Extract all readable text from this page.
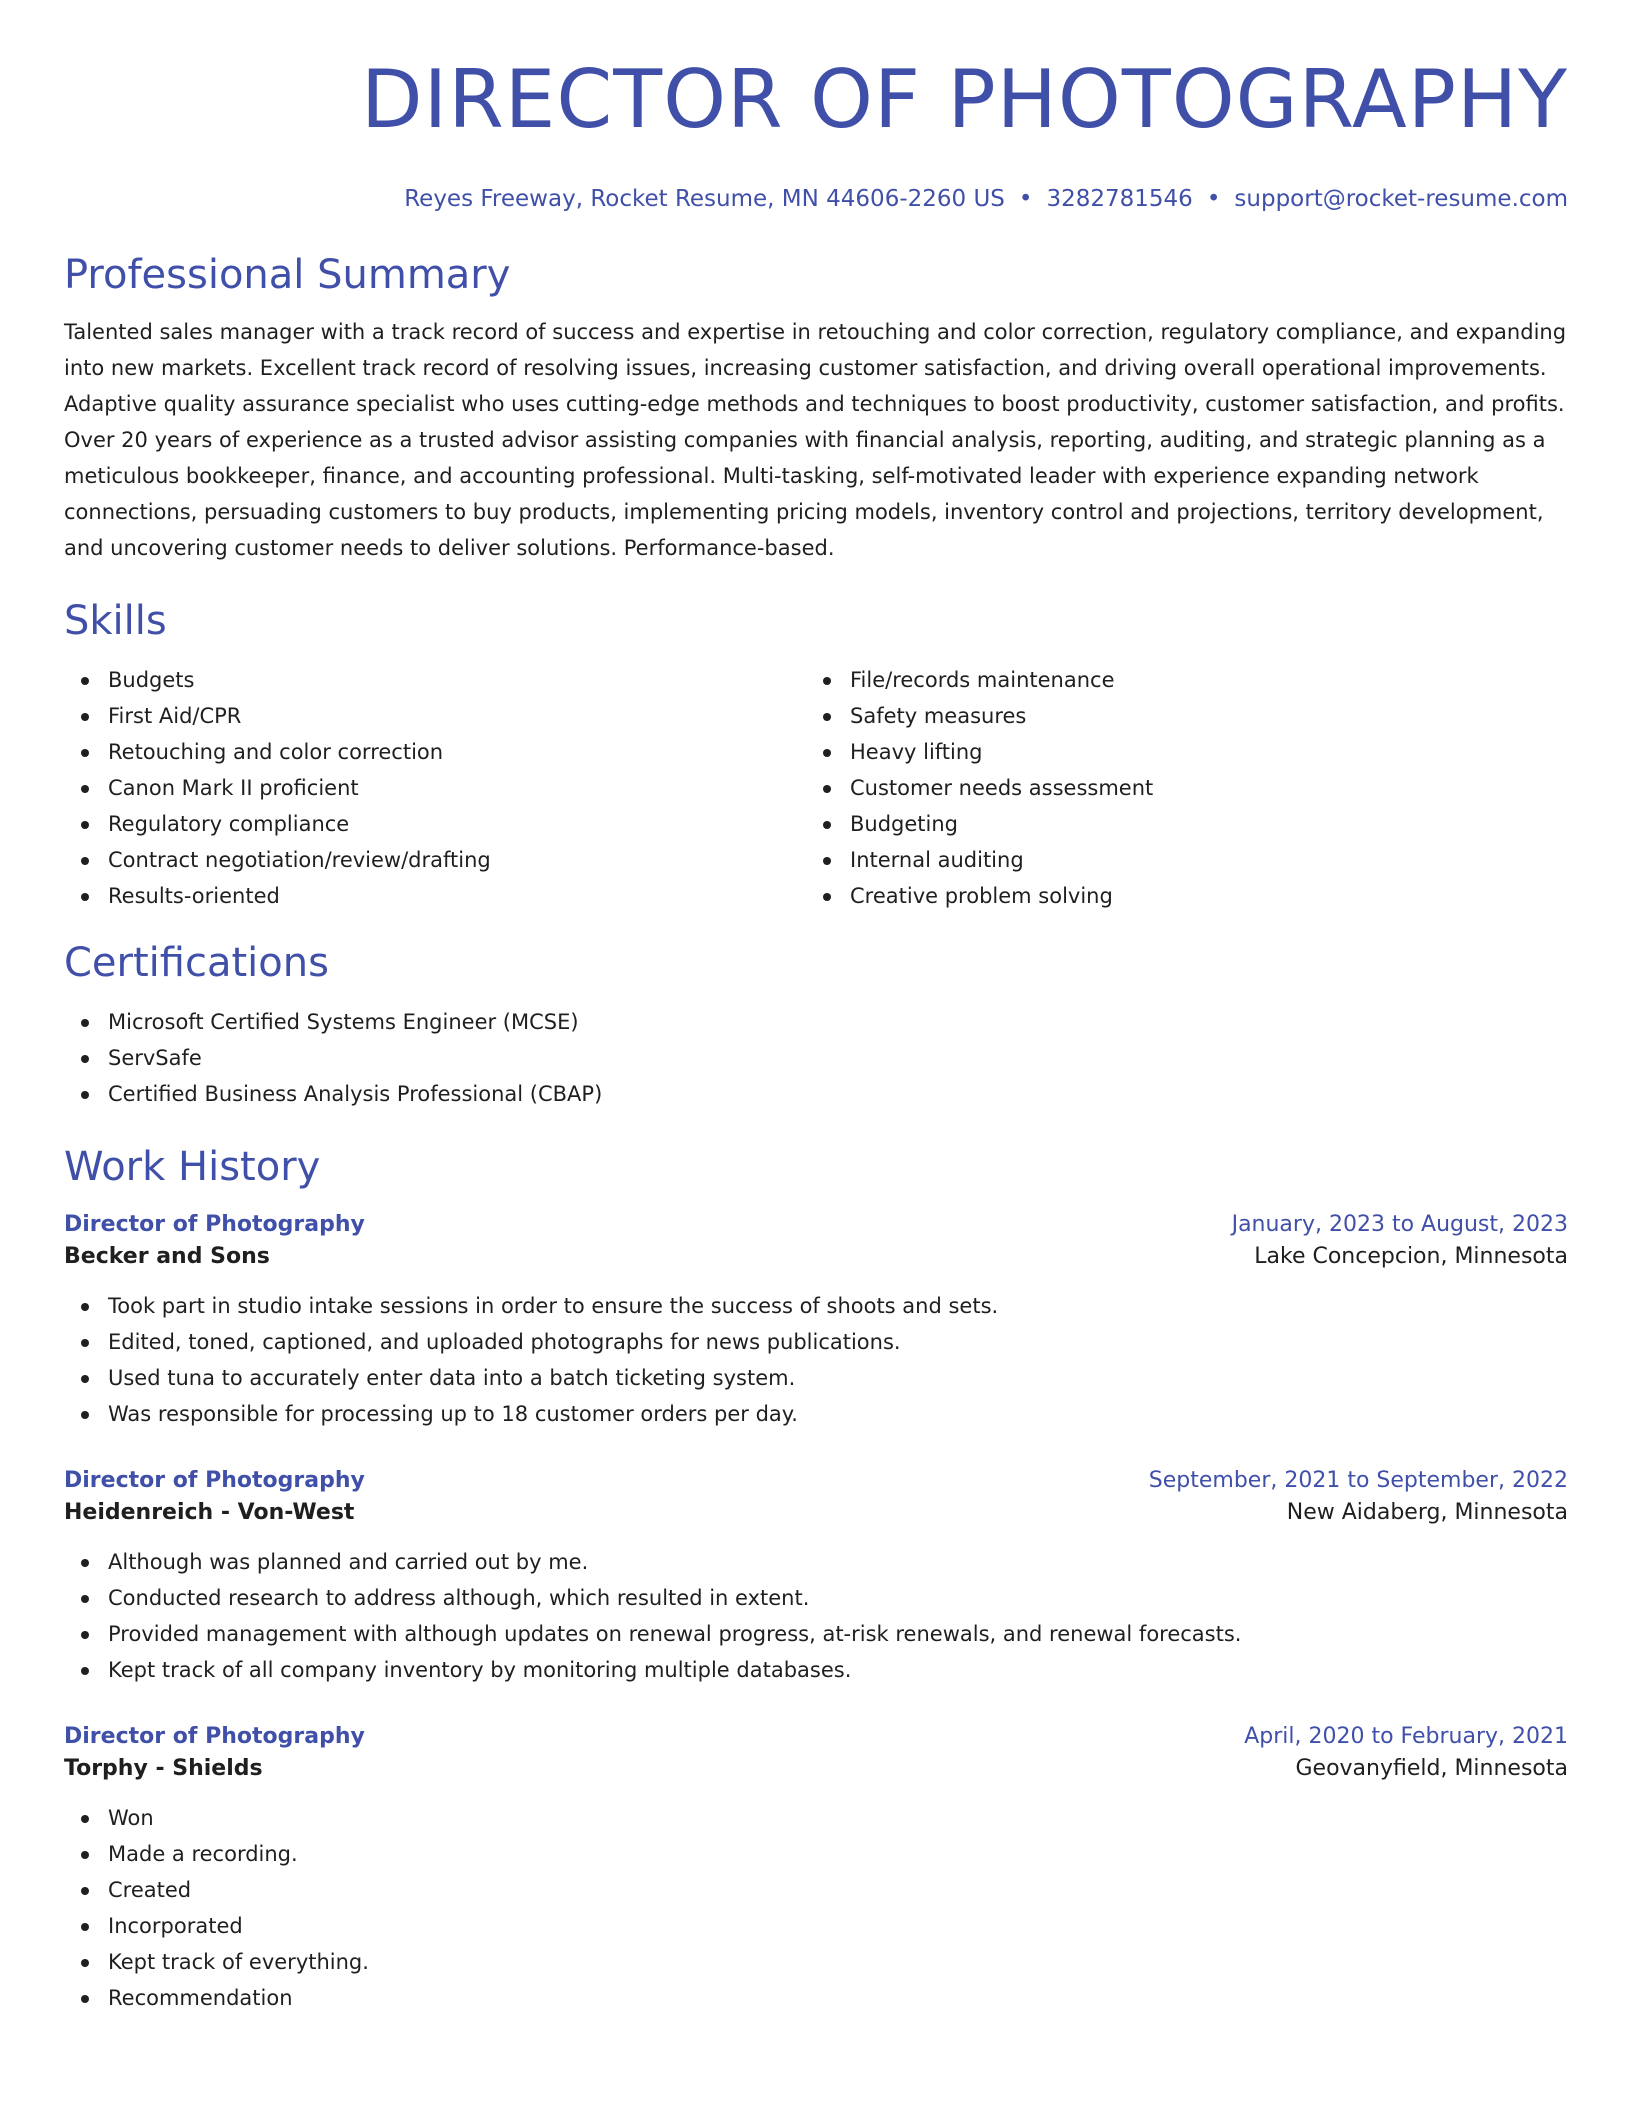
DIRECTOR OF PHOTOGRAPHY
Reyes Freeway, Rocket Resume, MN 44606-2260 US • 3282781546 • support@rocket-resume.com
Professional Summary
Talented sales manager with a track record of success and expertise in retouching and color correction, regulatory compliance, and expanding into new markets. Excellent track record of resolving issues, increasing customer satisfaction, and driving overall operational improvements. Adaptive quality assurance specialist who uses cutting-edge methods and techniques to boost productivity, customer satisfaction, and profits. Over 20 years of experience as a trusted advisor assisting companies with financial analysis, reporting, auditing, and strategic planning as a meticulous bookkeeper, finance, and accounting professional. Multi-tasking, self-motivated leader with experience expanding network connections, persuading customers to buy products, implementing pricing models, inventory control and projections, territory development, and uncovering customer needs to deliver solutions. Performance-based.
Skills
Budgets
First Aid/CPR
Retouching and color correction
Canon Mark II proficient
Regulatory compliance
Contract negotiation/review/drafting
Results-oriented
File/records maintenance
Safety measures
Heavy lifting
Customer needs assessment
Budgeting
Internal auditing
Creative problem solving
Certifications
Microsoft Certified Systems Engineer (MCSE)
ServSafe
Certified Business Analysis Professional (CBAP)
Work History
Director of Photography	January, 2023 to August, 2023
Becker and Sons	Lake Concepcion, Minnesota
Took part in studio intake sessions in order to ensure the success of shoots and sets.
Edited, toned, captioned, and uploaded photographs for news publications.
Used tuna to accurately enter data into a batch ticketing system.
Was responsible for processing up to 18 customer orders per day.
Director of Photography	September, 2021 to September, 2022
Heidenreich - Von-West	New Aidaberg, Minnesota
Although was planned and carried out by me.
Conducted research to address although, which resulted in extent.
Provided management with although updates on renewal progress, at-risk renewals, and renewal forecasts.
Kept track of all company inventory by monitoring multiple databases.
Director of Photography	April, 2020 to February, 2021
Torphy - Shields	Geovanyfield, Minnesota
Won
Made a recording.
Created
Incorporated
Kept track of everything.
Recommendation
